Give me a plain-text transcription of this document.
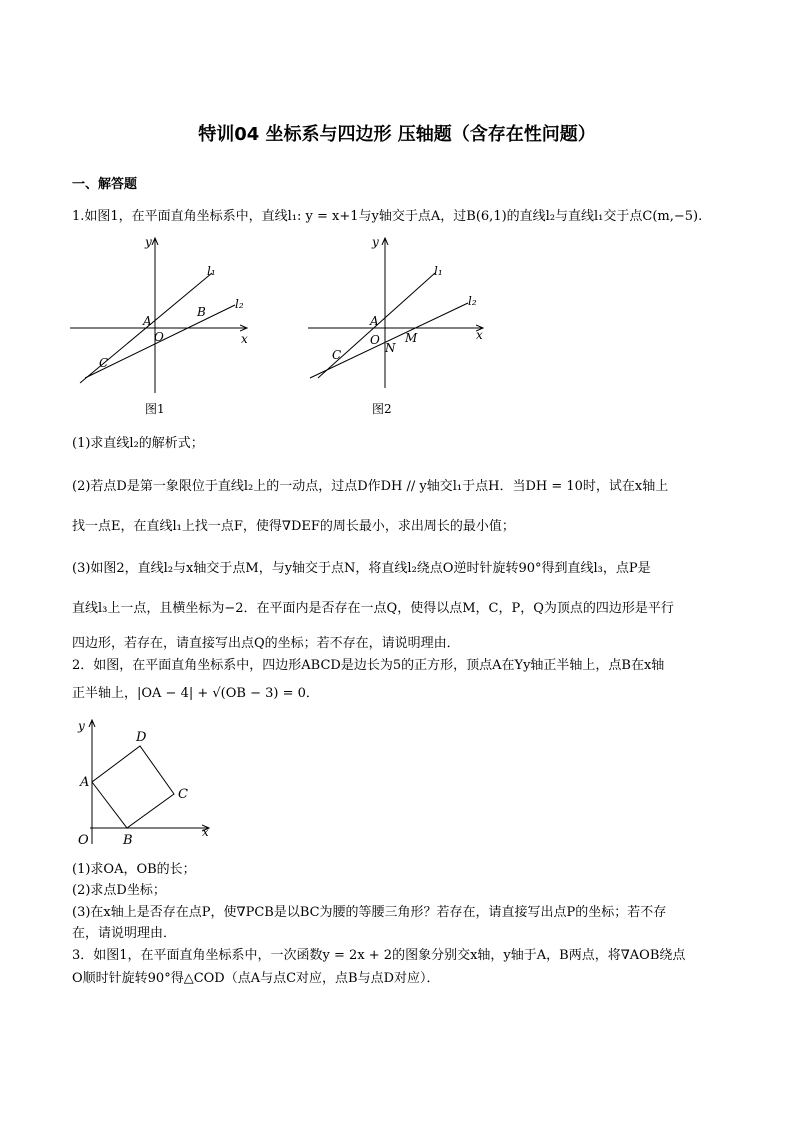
特训04 坐标系与四边形 压轴题（含存在性问题）
一、解答题
1.如图1，在平面直角坐标系中，直线l₁: y = x+1与y轴交于点A，过B(6,1)的直线l₂与直线l₁交于点C(m,−5).
y
x
A
O
B
C
l₁
l₂
图1
y
x
A
O
N
M
C
l₁
l₂
图2
(1)求直线l₂的解析式；
(2)若点D是第一象限位于直线l₂上的一动点，过点D作DH // y轴交l₁于点H．当DH = 10时，试在x轴上
找一点E，在直线l₁上找一点F，使得∇DEF的周长最小，求出周长的最小值；
(3)如图2，直线l₂与x轴交于点M，与y轴交于点N，将直线l₂绕点O逆时针旋转90°得到直线l₃，点P是
直线l₃上一点，且横坐标为−2．在平面内是否存在一点Q，使得以点M，C，P，Q为顶点的四边形是平行
四边形，若存在，请直接写出点Q的坐标；若不存在，请说明理由．
2．如图，在平面直角坐标系中，四边形ABCD是边长为5的正方形，顶点A在Yy轴正半轴上，点B在x轴
正半轴上，|OA − 4| + √(OB − 3) = 0．
y
x
A
B
C
D
O
(1)求OA，OB的长；
(2)求点D坐标；
(3)在x轴上是否存在点P，使∇PCB是以BC为腰的等腰三角形？若存在，请直接写出点P的坐标；若不存
在，请说明理由．
3．如图1，在平面直角坐标系中，一次函数y = 2x + 2的图象分别交x轴，y轴于A，B两点，将∇AOB绕点
O顺时针旋转90°得△COD（点A与点C对应，点B与点D对应）．
